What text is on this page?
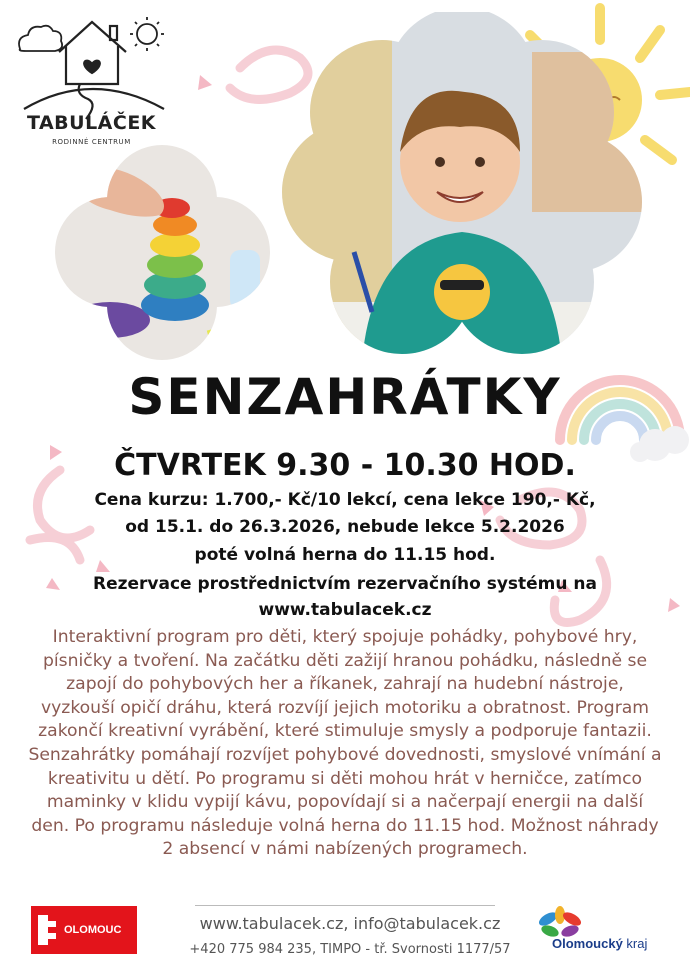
TABULÁČEK
RODINNÉ CENTRUM
SENZAHRÁTKY
ČTVRTEK 9.30 - 10.30 HOD.
Cena kurzu: 1.700,- Kč/10 lekcí, cena lekce 190,- Kč,
od 15.1. do 26.3.2026, nebude lekce 5.2.2026
poté volná herna do 11.15 hod.
Rezervace prostřednictvím rezervačního systému na
www.tabulacek.cz
Interaktivní program pro děti, který spojuje pohádky, pohybové hry, písničky a tvoření. Na začátku děti zažijí hranou pohádku, následně se zapojí do pohybových her a říkanek, zahrají na hudební nástroje, vyzkouší opičí dráhu, která rozvíjí jejich motoriku a obratnost. Program zakončí kreativní vyrábění, které stimuluje smysly a podporuje fantazii. Senzahrátky pomáhají rozvíjet pohybové dovednosti, smyslové vnímání a kreativitu u dětí. Po programu si děti mohou hrát v herničce, zatímco maminky v klidu vypijí kávu, popovídají si a načerpají energii na další den. Po programu následuje volná herna do 11.15 hod. Možnost náhrady 2 absencí v námi nabízených programech.
OLOMOUC	www.tabulacek.cz, info@tabulacek.cz
+420 775 984 235, TIMPO - tř. Svornosti 1177/57	Olomoucký kraj
